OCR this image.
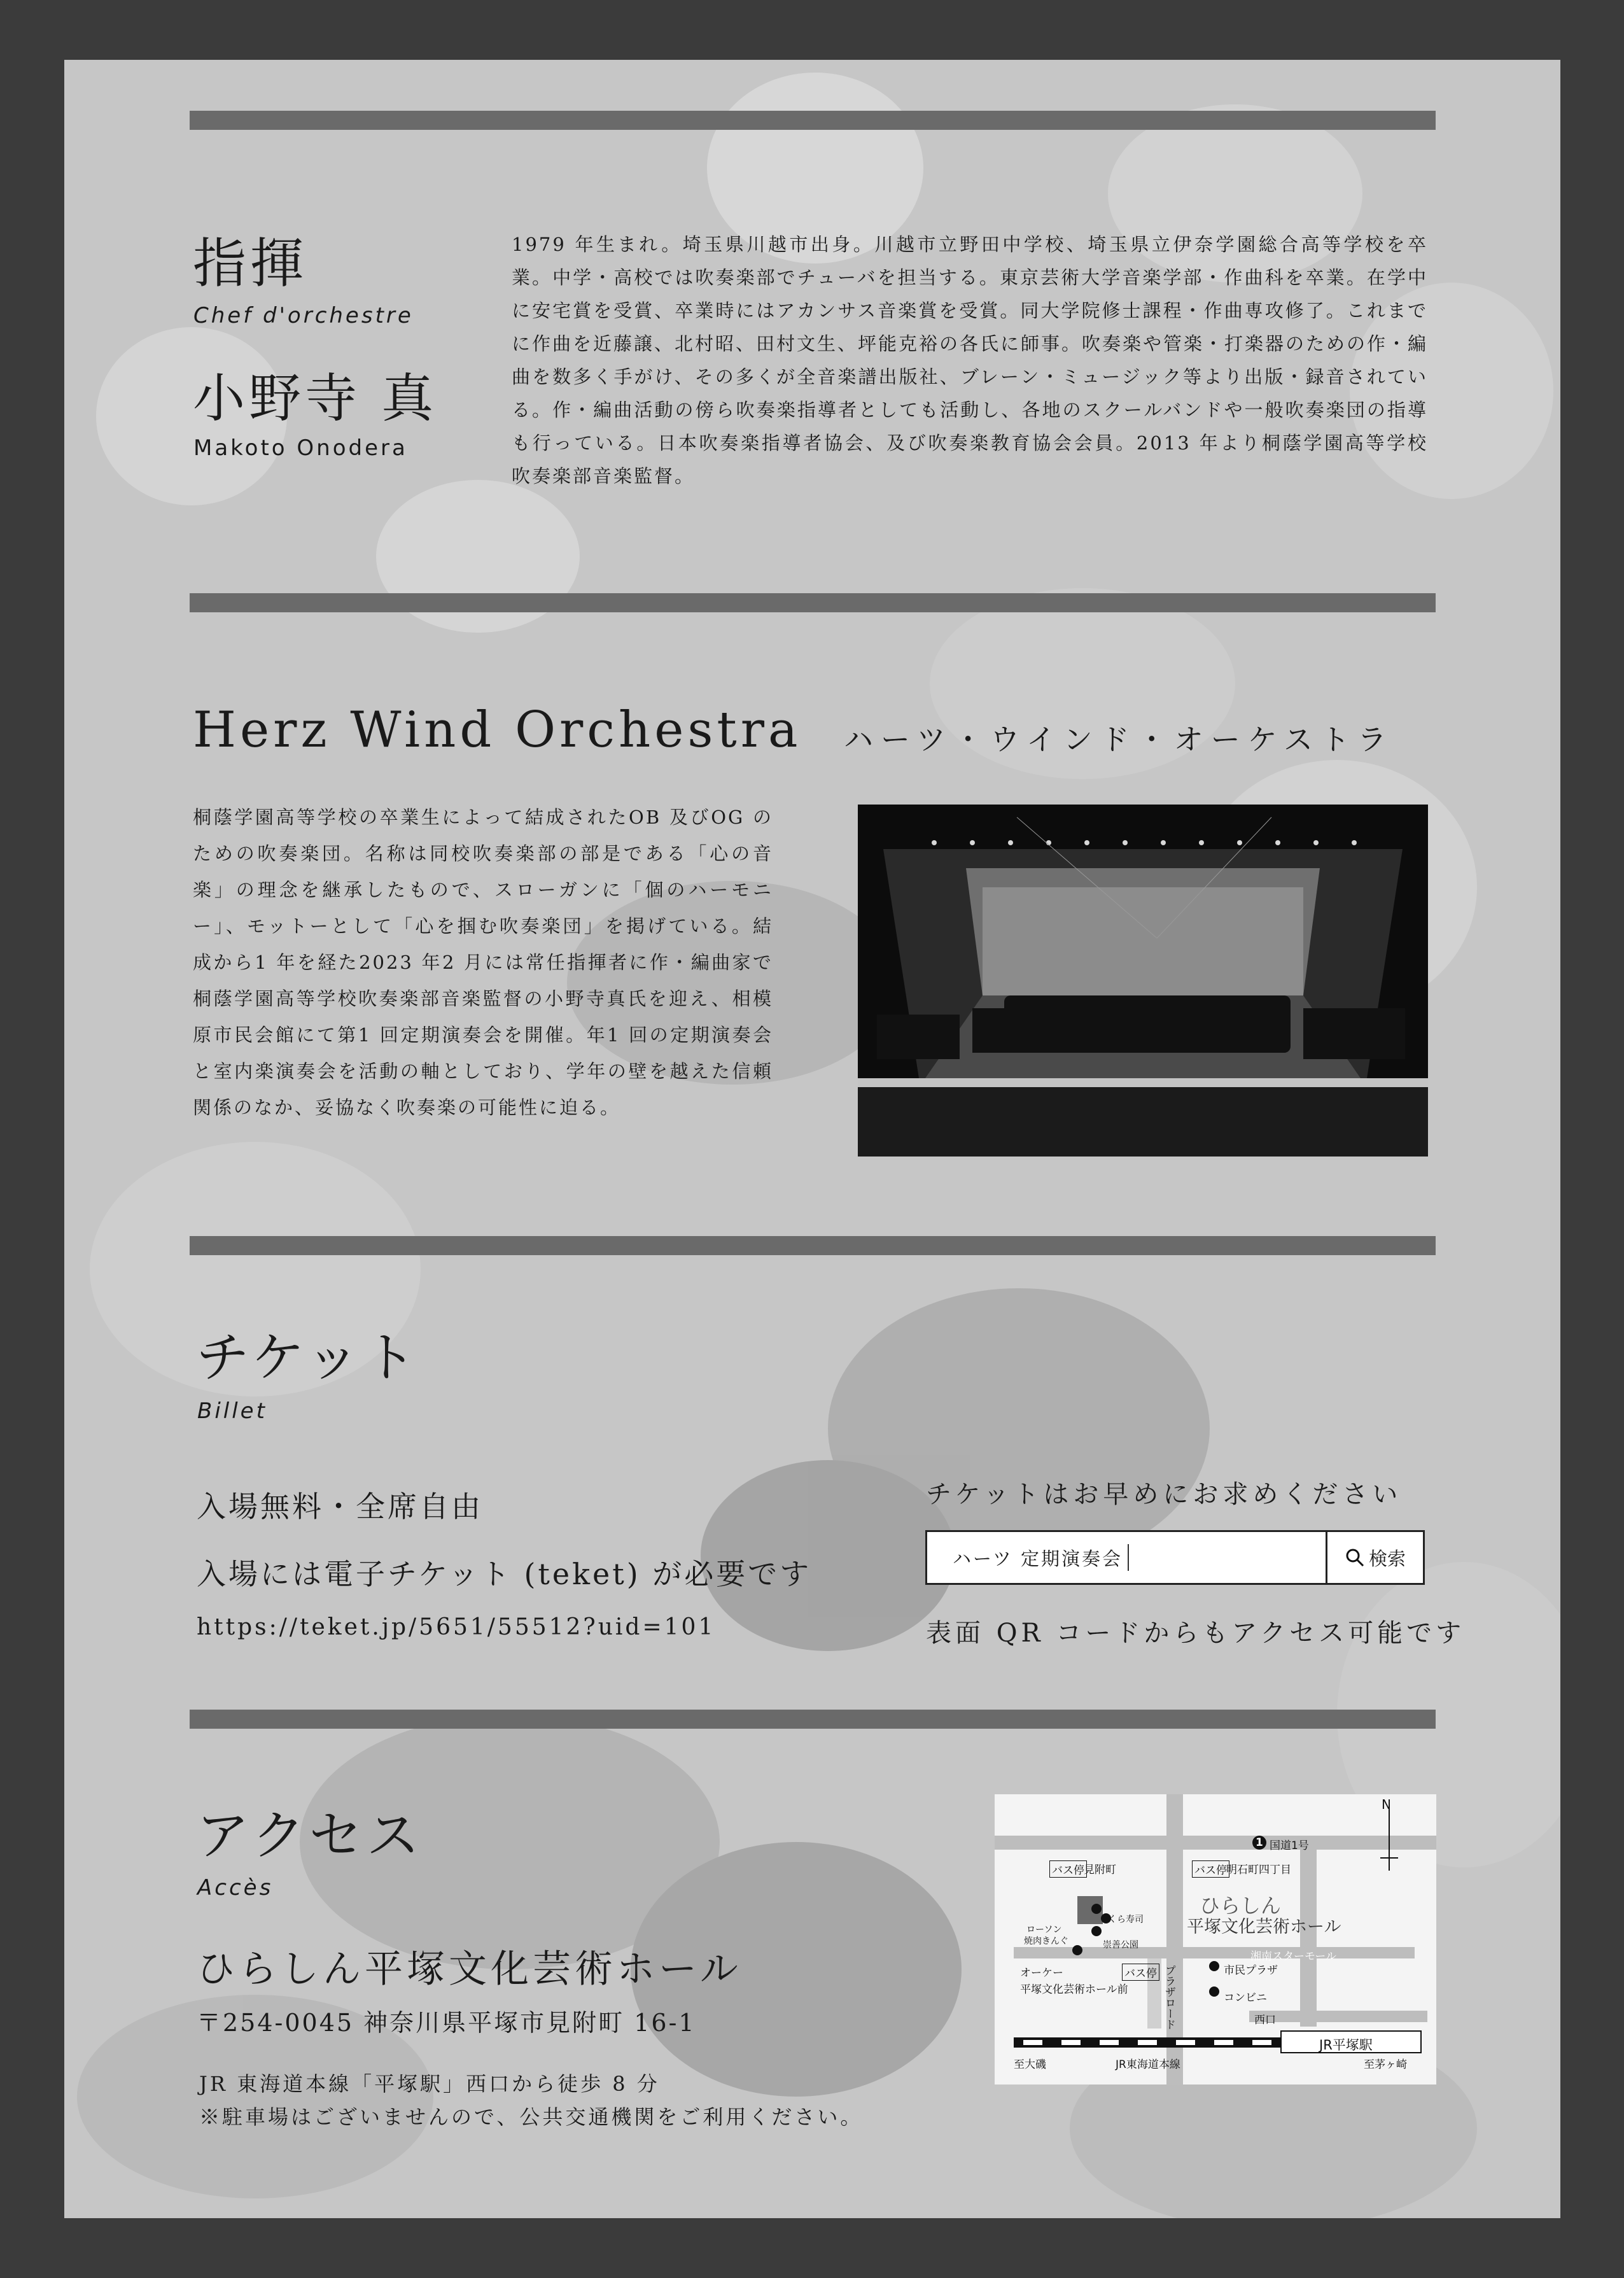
指揮
Chef d'orchestre
小野寺 真
Makoto Onodera

1979 年生まれ。埼玉県川越市出身。川越市立野田中学校、埼玉県立伊奈学園総合高等学校を卒業。中学・高校では吹奏楽部でチューバを担当する。東京芸術大学音楽学部・作曲科を卒業。在学中に安宅賞を受賞、卒業時にはアカンサス音楽賞を受賞。同大学院修士課程・作曲専攻修了。これまでに作曲を近藤譲、北村昭、田村文生、坪能克裕の各氏に師事。吹奏楽や管楽・打楽器のための作・編曲を数多く手がけ、その多くが全音楽譜出版社、ブレーン・ミュージック等より出版・録音されている。作・編曲活動の傍ら吹奏楽指導者としても活動し、各地のスクールバンドや一般吹奏楽団の指導も行っている。日本吹奏楽指導者協会、及び吹奏楽教育協会会員。2013 年より桐蔭学園高等学校吹奏楽部音楽監督。

Herz Wind Orchestra ハーツ・ウインド・オーケストラ

桐蔭学園高等学校の卒業生によって結成されたOB 及びOG のための吹奏楽団。名称は同校吹奏楽部の部是である「心の音楽」の理念を継承したもので、スローガンに「個のハーモニー」、モットーとして「心を掴む吹奏楽団」を掲げている。結成から1 年を経た2023 年2 月には常任指揮者に作・編曲家で桐蔭学園高等学校吹奏楽部音楽監督の小野寺真氏を迎え、相模原市民会館にて第1 回定期演奏会を開催。年1 回の定期演奏会と室内楽演奏会を活動の軸としており、学年の壁を越えた信頼関係のなか、妥協なく吹奏楽の可能性に迫る。

チケット
Billet
入場無料・全席自由
入場には電子チケット (teket) が必要です
https://teket.jp/5651/55512?uid=101
チケットはお早めにお求めください
ハーツ 定期演奏会	検索
表面 QR コードからもアクセス可能です
アクセス
Accès
ひらしん平塚文化芸術ホール
〒254-0045 神奈川県平塚市見附町 16-1
JR 東海道本線「平塚駅」西口から徒歩 8 分
※駐車場はございませんので、公共交通機関をご利用ください。
N
1 国道1号
バス停 見附町	バス停 明石町四丁目
ひらしん
平塚文化芸術ホール
ローソン
焼肉きんぐ
くら寿司
崇善公園
オーケー	バス停
平塚文化芸術ホール前
湘南スターモール
市民プラザ
プラザロード	コンビニ
西口
JR平塚駅
JR東海道本線
至大磯	至茅ヶ崎
